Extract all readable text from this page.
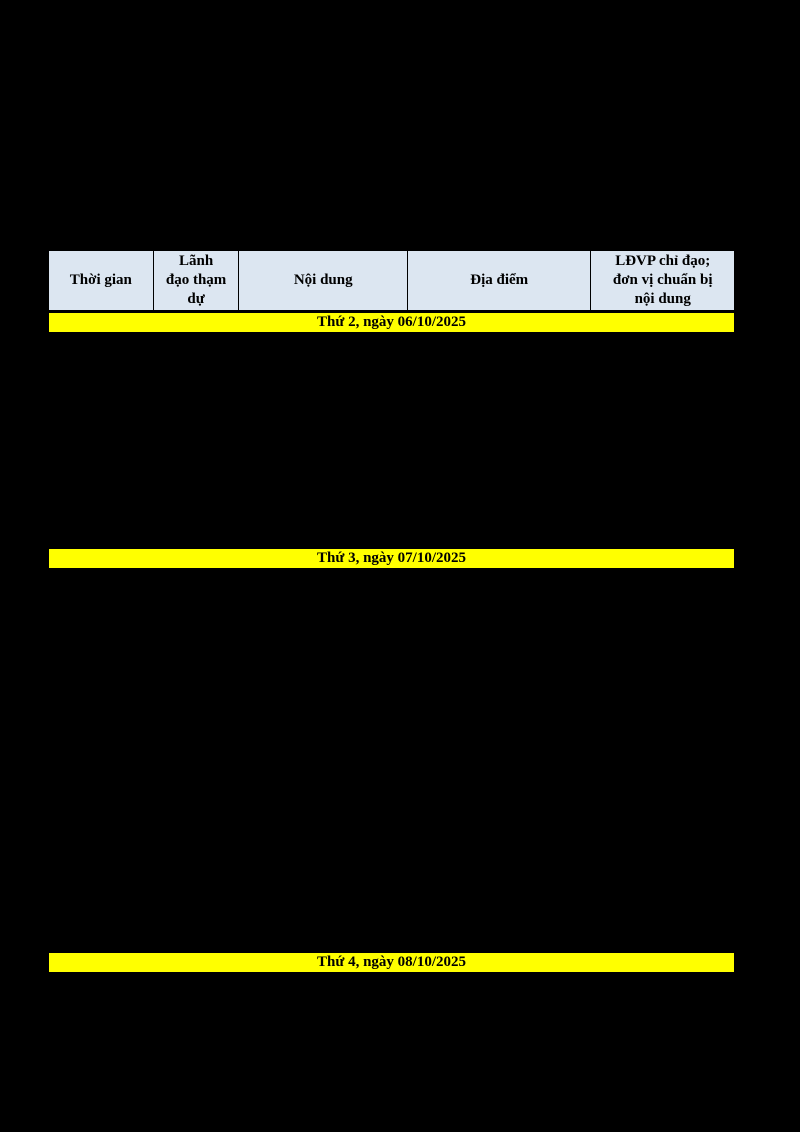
Thời gian
Lãnh
đạo thạm
dự
Nội dung	Địa điểm
LĐVP chỉ đạo;
đơn vị chuẩn bị
nội dung
Thứ 2, ngày 06/10/2025
Thứ 3, ngày 07/10/2025
Thứ 4, ngày 08/10/2025
